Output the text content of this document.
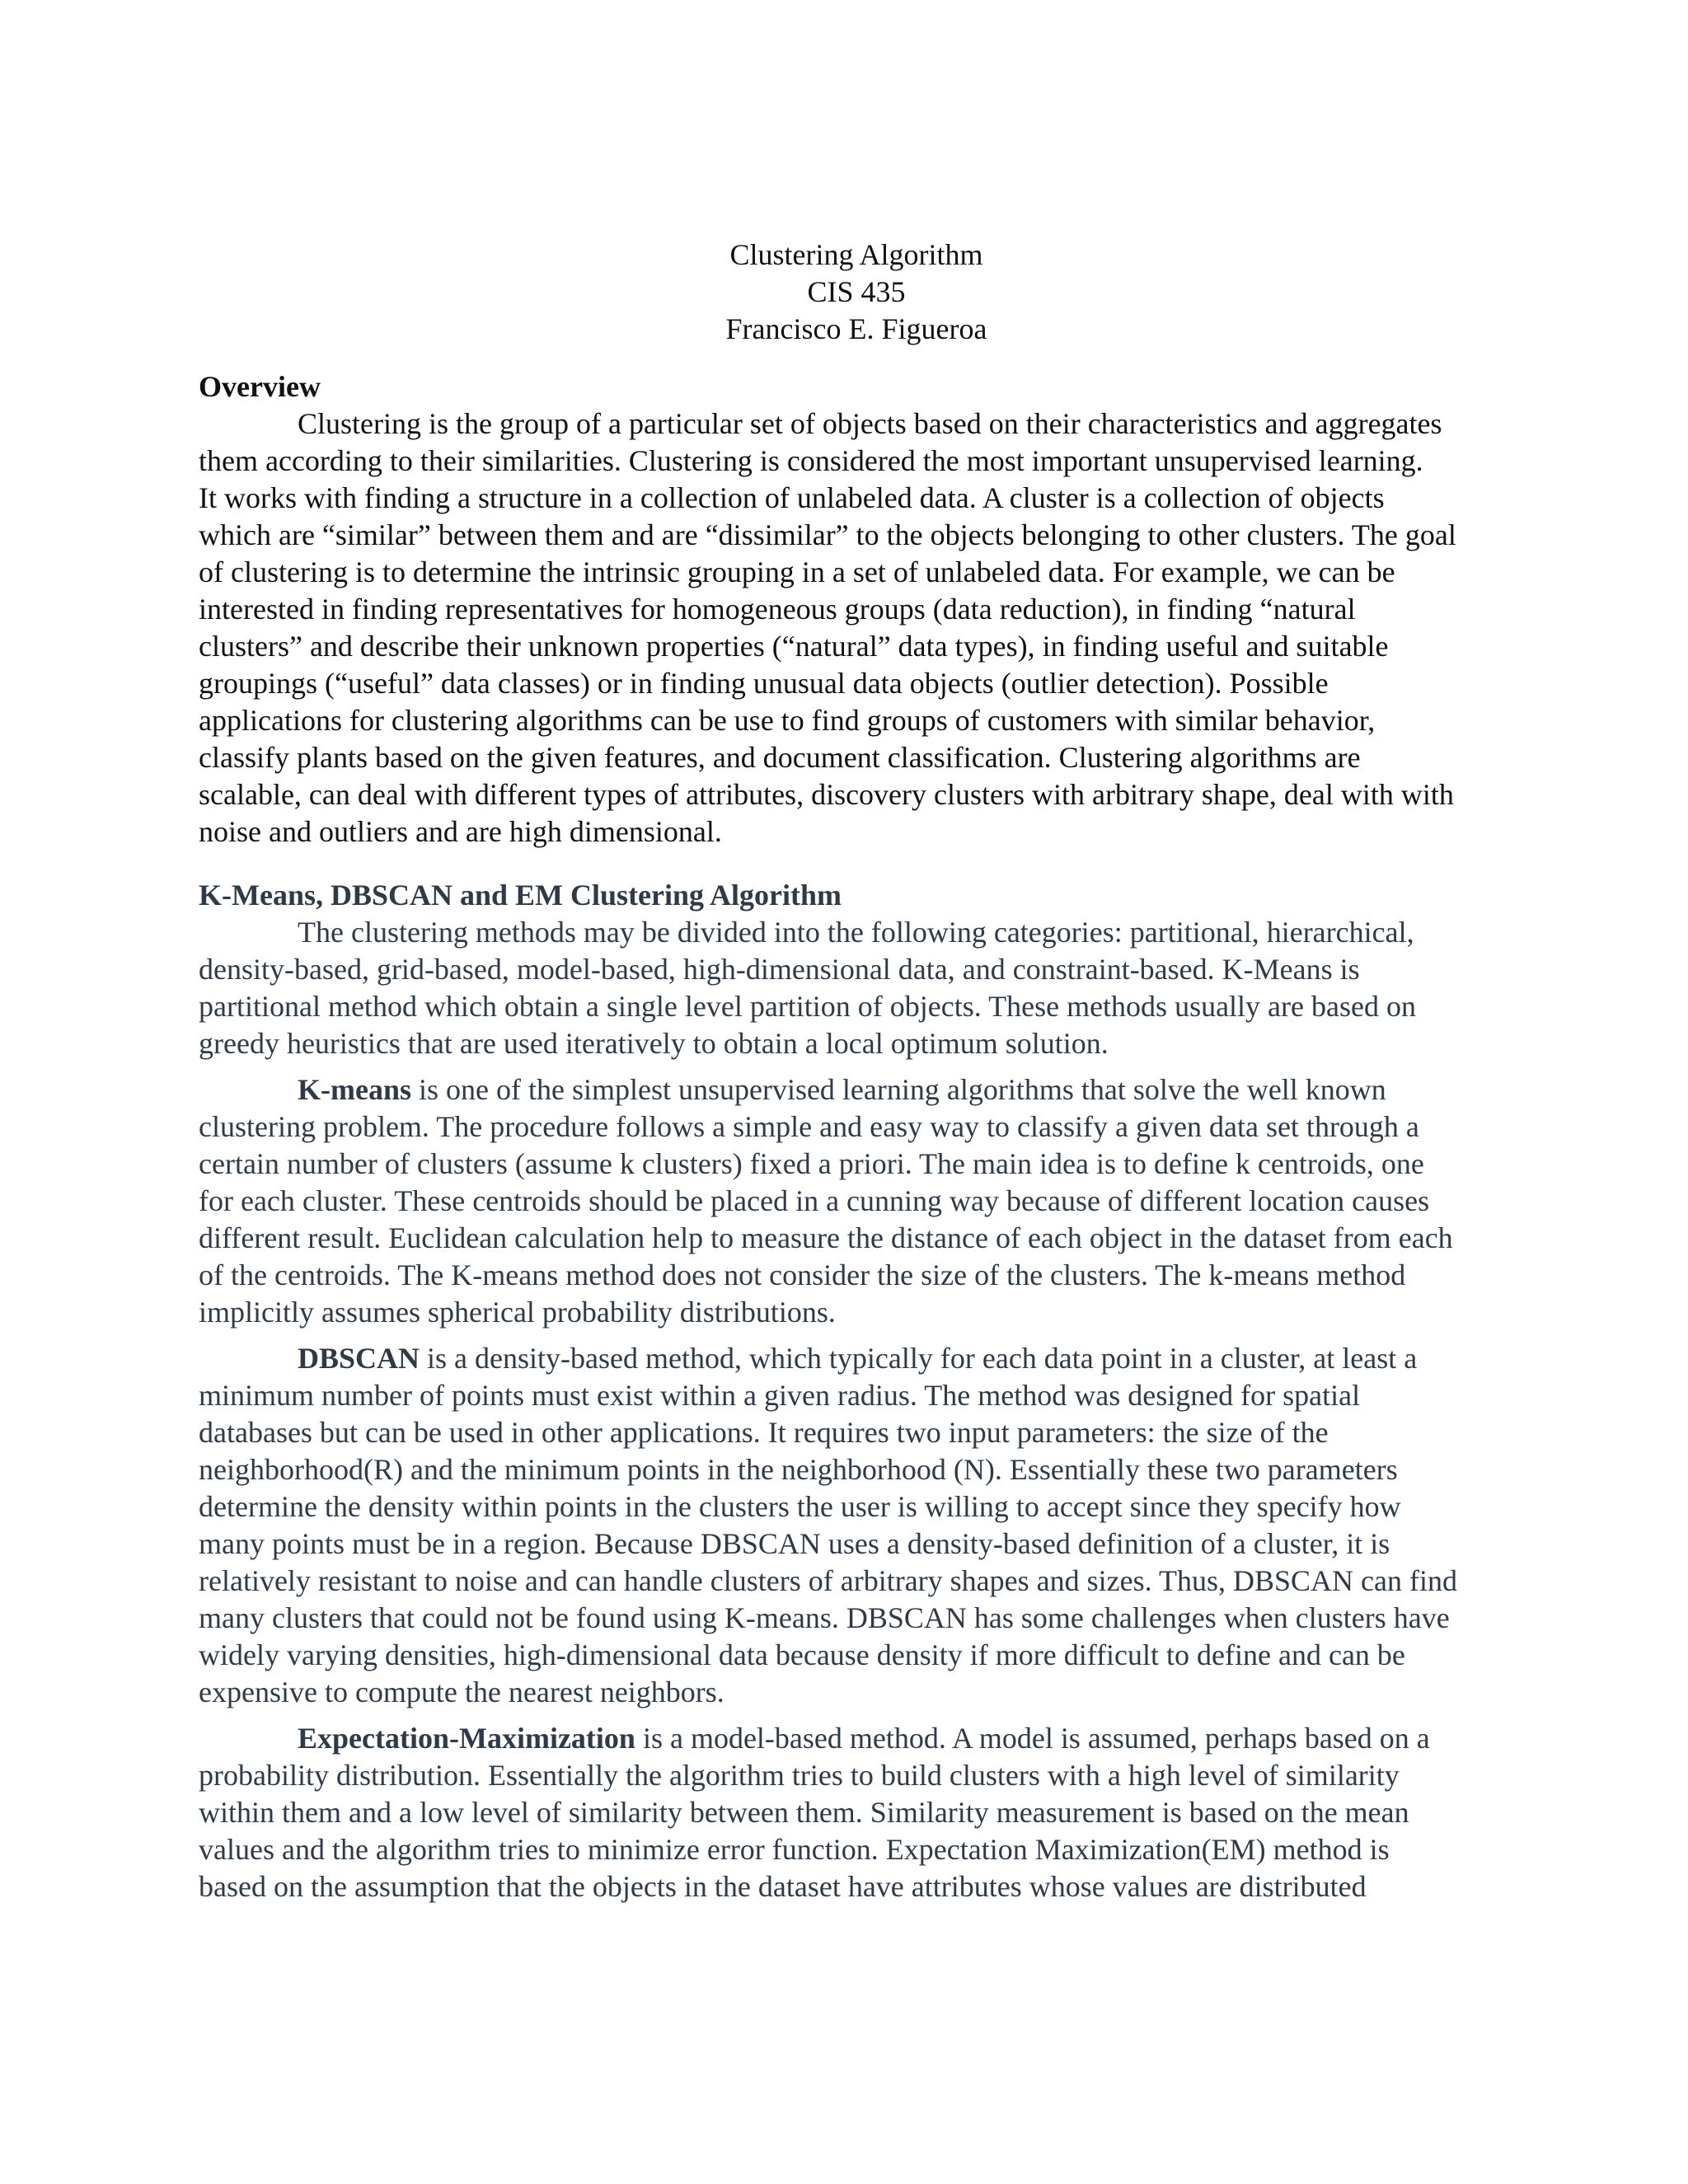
Clustering Algorithm
CIS 435
Francisco E. Figueroa
Overview

Clustering is the group of a particular set of objects based on their characteristics and aggregates
them according to their similarities. Clustering is considered the most important unsupervised learning.
It works with finding a structure in a collection of unlabeled data. A cluster is a collection of objects
which are “similar” between them and are “dissimilar” to the objects belonging to other clusters. The goal
of clustering is to determine the intrinsic grouping in a set of unlabeled data. For example, we can be
interested in finding representatives for homogeneous groups (data reduction), in finding “natural
clusters” and describe their unknown properties (“natural” data types), in finding useful and suitable
groupings (“useful” data classes) or in finding unusual data objects (outlier detection). Possible
applications for clustering algorithms can be use to find groups of customers with similar behavior,
classify plants based on the given features, and document classification. Clustering algorithms are
scalable, can deal with different types of attributes, discovery clusters with arbitrary shape, deal with with
noise and outliers and are high dimensional.

K-Means, DBSCAN and EM Clustering Algorithm

The clustering methods may be divided into the following categories: partitional, hierarchical,
density-based, grid-based, model-based, high-dimensional data, and constraint-based. K-Means is
partitional method which obtain a single level partition of objects. These methods usually are based on
greedy heuristics that are used iteratively to obtain a local optimum solution.

K-means is one of the simplest unsupervised learning algorithms that solve the well known
clustering problem. The procedure follows a simple and easy way to classify a given data set through a
certain number of clusters (assume k clusters) fixed a priori. The main idea is to define k centroids, one
for each cluster. These centroids should be placed in a cunning way because of different location causes
different result. Euclidean calculation help to measure the distance of each object in the dataset from each
of the centroids. The K-means method does not consider the size of the clusters. The k-means method
implicitly assumes spherical probability distributions.

DBSCAN is a density-based method, which typically for each data point in a cluster, at least a
minimum number of points must exist within a given radius. The method was designed for spatial
databases but can be used in other applications. It requires two input parameters: the size of the
neighborhood(R) and the minimum points in the neighborhood (N). Essentially these two parameters
determine the density within points in the clusters the user is willing to accept since they specify how
many points must be in a region. Because DBSCAN uses a density-based definition of a cluster, it is
relatively resistant to noise and can handle clusters of arbitrary shapes and sizes. Thus, DBSCAN can find
many clusters that could not be found using K-means. DBSCAN has some challenges when clusters have
widely varying densities, high-dimensional data because density if more difficult to define and can be
expensive to compute the nearest neighbors.

Expectation-Maximization is a model-based method. A model is assumed, perhaps based on a
probability distribution. Essentially the algorithm tries to build clusters with a high level of similarity
within them and a low level of similarity between them. Similarity measurement is based on the mean
values and the algorithm tries to minimize error function. Expectation Maximization(EM) method is
based on the assumption that the objects in the dataset have attributes whose values are distributed
